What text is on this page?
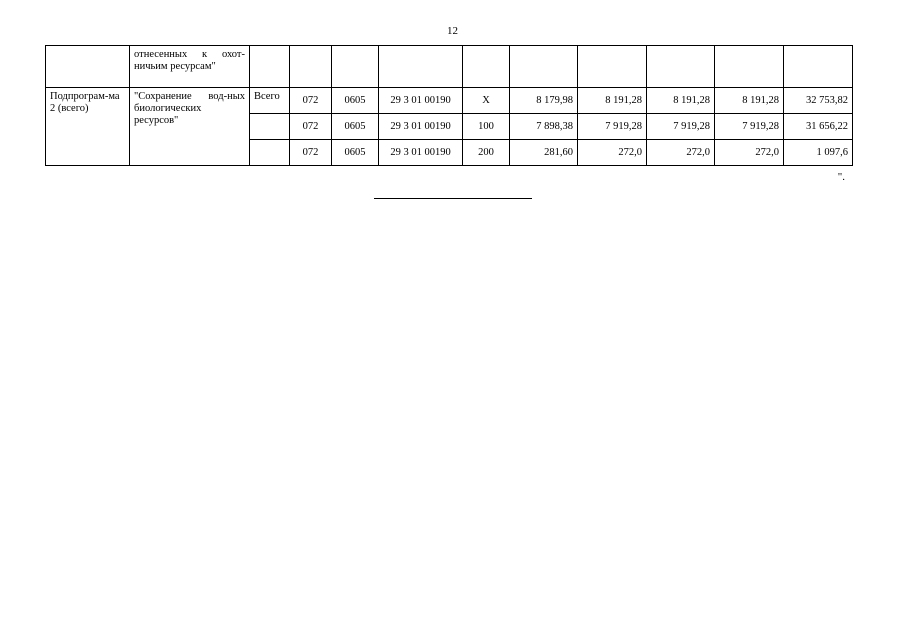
12
	отнесенных к охот-ничьим ресурсам"										
Подпрограм-ма 2 (всего)	"Сохранение вод-ных биологических ресурсов"	Всего	072	0605	29 3 01 00190	X	8 179,98	8 191,28	8 191,28	8 191,28	32 753,82
			072	0605	29 3 01 00190	100	7 898,38	7 919,28	7 919,28	7 919,28	31 656,22
			072	0605	29 3 01 00190	200	281,60	272,0	272,0	272,0	1 097,6
".
